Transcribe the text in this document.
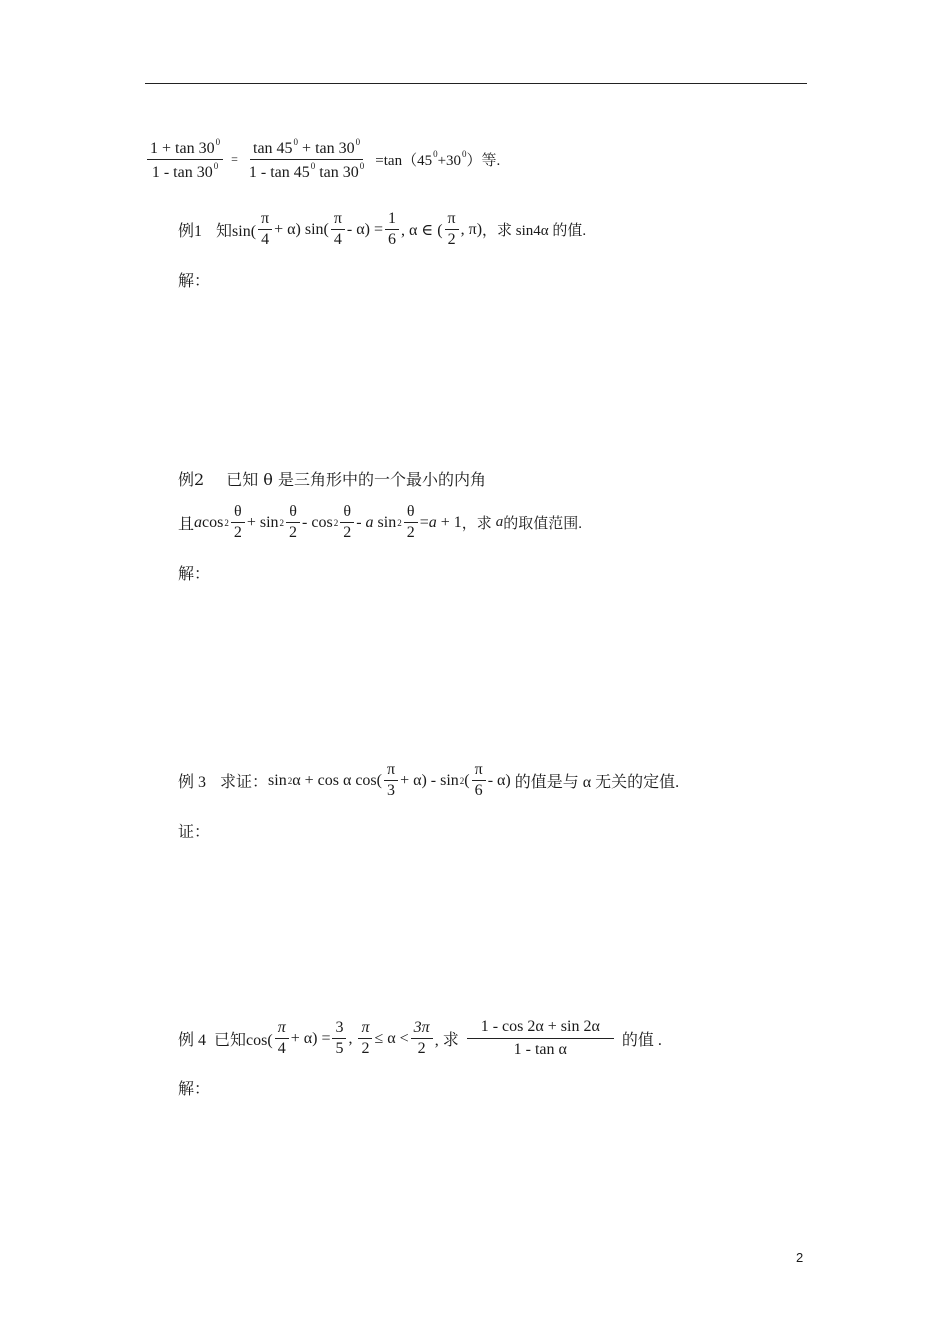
$\frac{1 + \tan 30^0}{1 - \tan 30^0} = \frac{\tan 45^0 + \tan 30^0}{1 - \tan 45^0 \tan 30^0} =\tan(45^0+30^0)$等.
例1 知$\sin( \frac{\pi}{4} + \alpha)$ $\sin( \frac{\pi}{4} - \alpha) = \frac{1}{6}$ , α ∈ ( $\frac{\pi}{2}$ , π) ，求 sin4α 的值.
解：
例2 已知 θ 是三角形中的一个最小的内角
且 a $\cos 2 \frac{\theta}{2}$ +
$\sin 2 \frac{\theta}{2}$ -
$\cos 2 \frac{\theta}{2}$ -
a
$\sin 2 \frac{\theta}{2} = a$
+ 1 ，求
a 的取值范围.
解：
例 3 求证： sin 2 α + cos α $\cos( \frac{\pi}{3} + \alpha) - \sin 2$ ( $\frac{\pi}{6} - \alpha$)
的值是与 α 无关的定值.
证：
例 4 已知$\cos( \frac{\pi}{4} + \alpha) = \frac{3}{5}$ ,
$\frac{\pi}{2} \le \alpha < \frac{3\pi}{2}$ , 求 $\frac{1 - \cos 2\alpha + \sin 2\alpha}{\text{1 - tan α}}$ 的值 .
解：
2
